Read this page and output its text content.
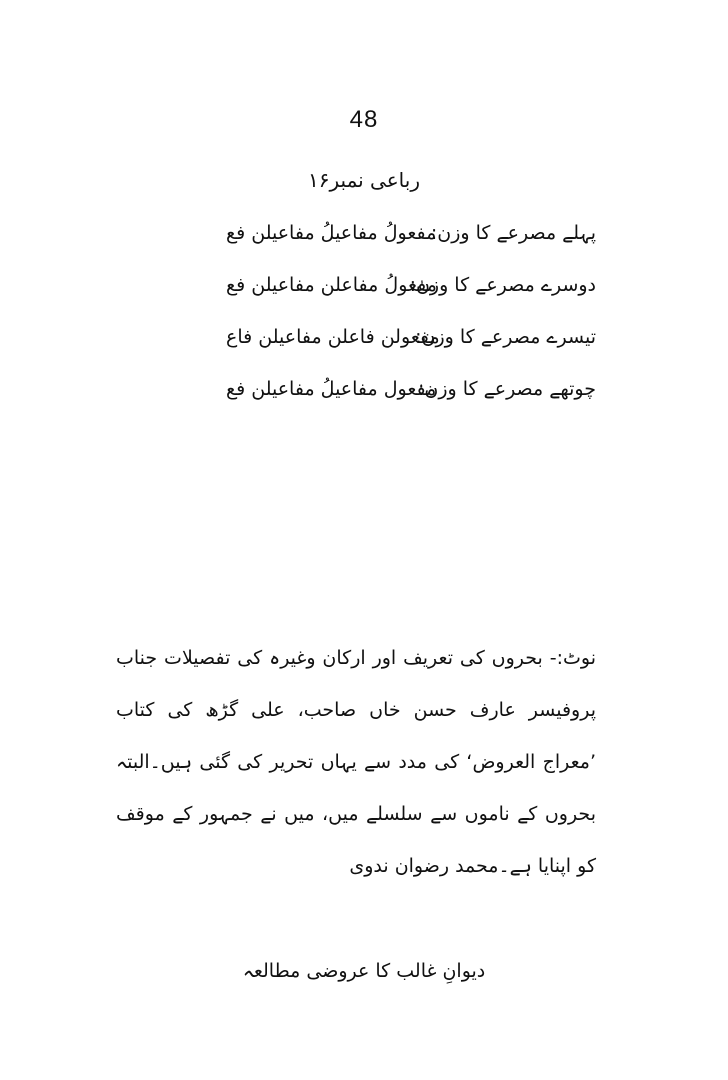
48
رباعی نمبر۱۶
پہلے مصرعے کا وزن:
مفعولُ مفاعیلُ مفاعیلن فع
دوسرے مصرعے کا وزن:
مفعولُ مفاعلن مفاعیلن فع
تیسرے مصرعے کا وزن:
مفعولن فاعلن مفاعیلن فاع
چوتھے مصرعے کا وزن:
مفعول مفاعیلُ مفاعیلن فع
نوٹ:- بحروں کی تعریف اور ارکان وغیرہ کی تفصیلات جناب پروفیسر عارف حسن خاں صاحب، علی گڑھ کی کتاب ’معراج العروض‘ کی مدد سے یہاں تحریر کی گئی ہیں۔البتہ بحروں کے ناموں سے سلسلے میں، میں نے جمہور کے موقف کو اپنایا ہے۔محمد رضوان ندوی
دیوانِ غالب کا عروضی مطالعہ
